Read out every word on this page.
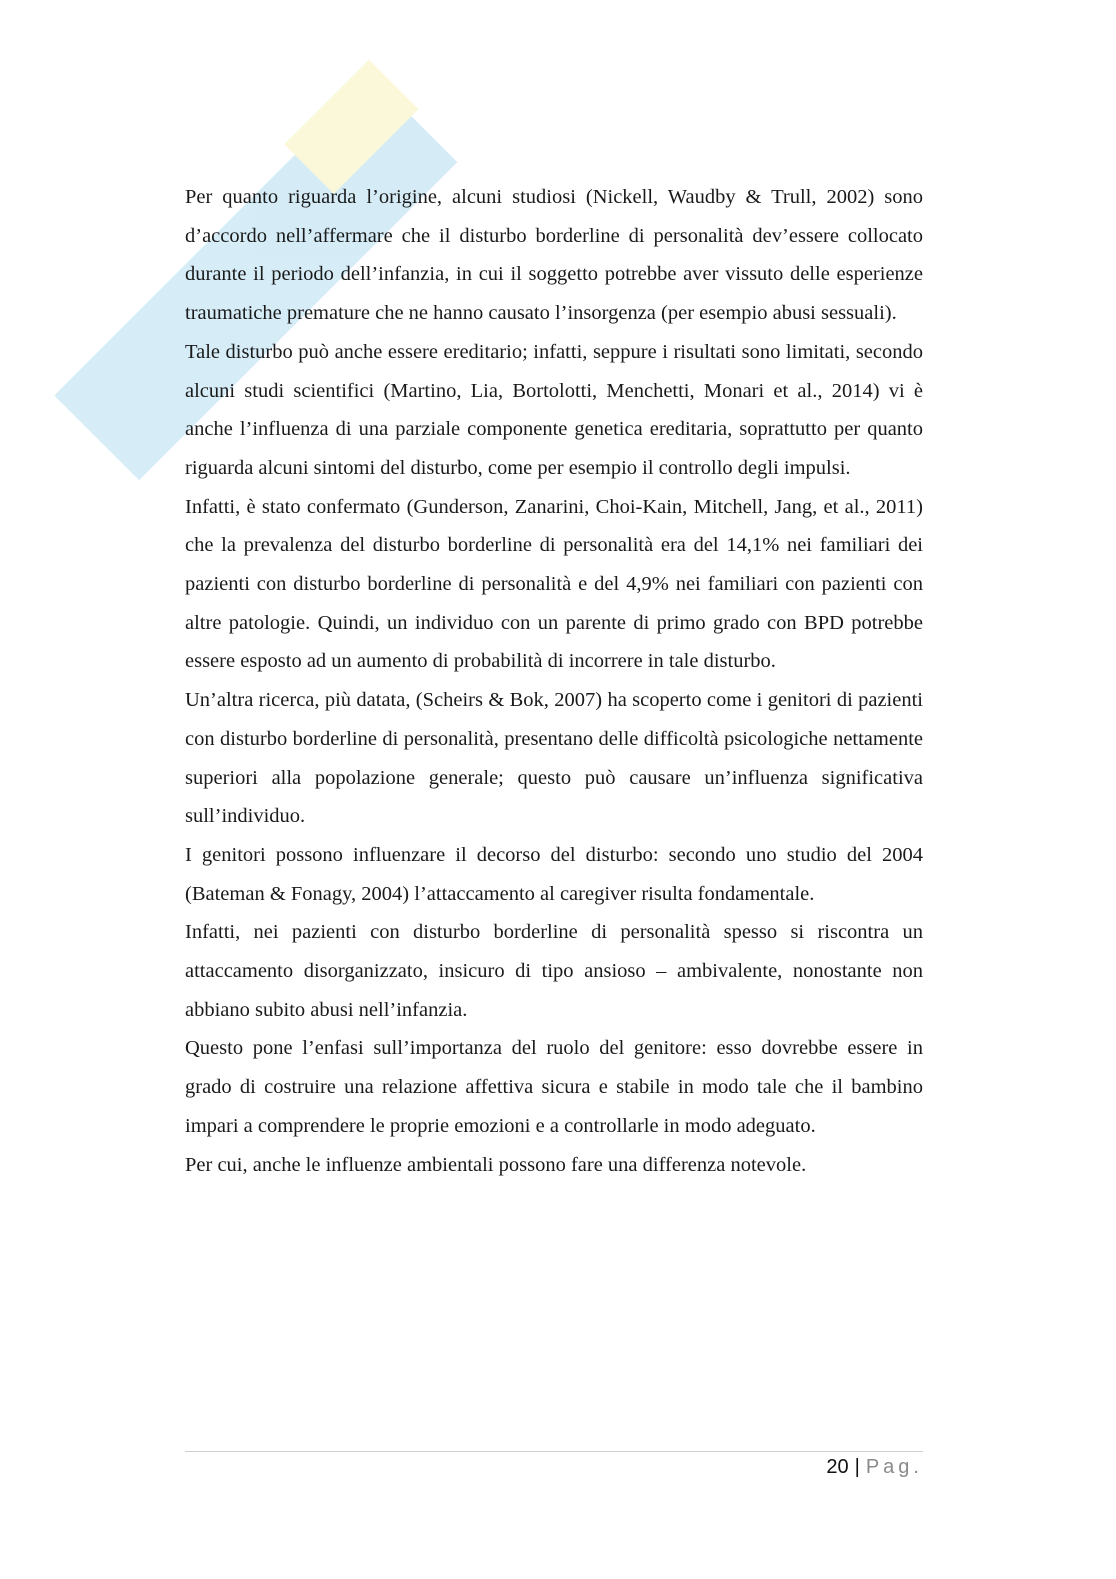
Per quanto riguarda l’origine, alcuni studiosi (Nickell, Waudby & Trull, 2002) sono d’accordo nell’affermare che il disturbo borderline di personalità dev’essere collocato durante il periodo dell’infanzia, in cui il soggetto potrebbe aver vissuto delle esperienze traumatiche premature che ne hanno causato l’insorgenza (per esempio abusi sessuali).

Tale disturbo può anche essere ereditario; infatti, seppure i risultati sono limitati, secondo alcuni studi scientifici (Martino, Lia, Bortolotti, Menchetti, Monari et al., 2014) vi è anche l’influenza di una parziale componente genetica ereditaria, soprattutto per quanto riguarda alcuni sintomi del disturbo, come per esempio il controllo degli impulsi.

Infatti, è stato confermato (Gunderson, Zanarini, Choi-Kain, Mitchell, Jang, et al., 2011) che la prevalenza del disturbo borderline di personalità era del 14,1% nei familiari dei pazienti con disturbo borderline di personalità e del 4,9% nei familiari con pazienti con altre patologie. Quindi, un individuo con un parente di primo grado con BPD potrebbe essere esposto ad un aumento di probabilità di incorrere in tale disturbo.

Un’altra ricerca, più datata, (Scheirs & Bok, 2007) ha scoperto come i genitori di pazienti con disturbo borderline di personalità, presentano delle difficoltà psicologiche nettamente superiori alla popolazione generale; questo può causare un’influenza significativa sull’individuo.

I genitori possono influenzare il decorso del disturbo: secondo uno studio del 2004 (Bateman & Fonagy, 2004) l’attaccamento al caregiver risulta fondamentale.

Infatti, nei pazienti con disturbo borderline di personalità spesso si riscontra un attaccamento disorganizzato, insicuro di tipo ansioso – ambivalente, nonostante non abbiano subito abusi nell’infanzia.

Questo pone l’enfasi sull’importanza del ruolo del genitore: esso dovrebbe essere in grado di costruire una relazione affettiva sicura e stabile in modo tale che il bambino impari a comprendere le proprie emozioni e a controllarle in modo adeguato.

Per cui, anche le influenze ambientali possono fare una differenza notevole.

20 | Pag.
